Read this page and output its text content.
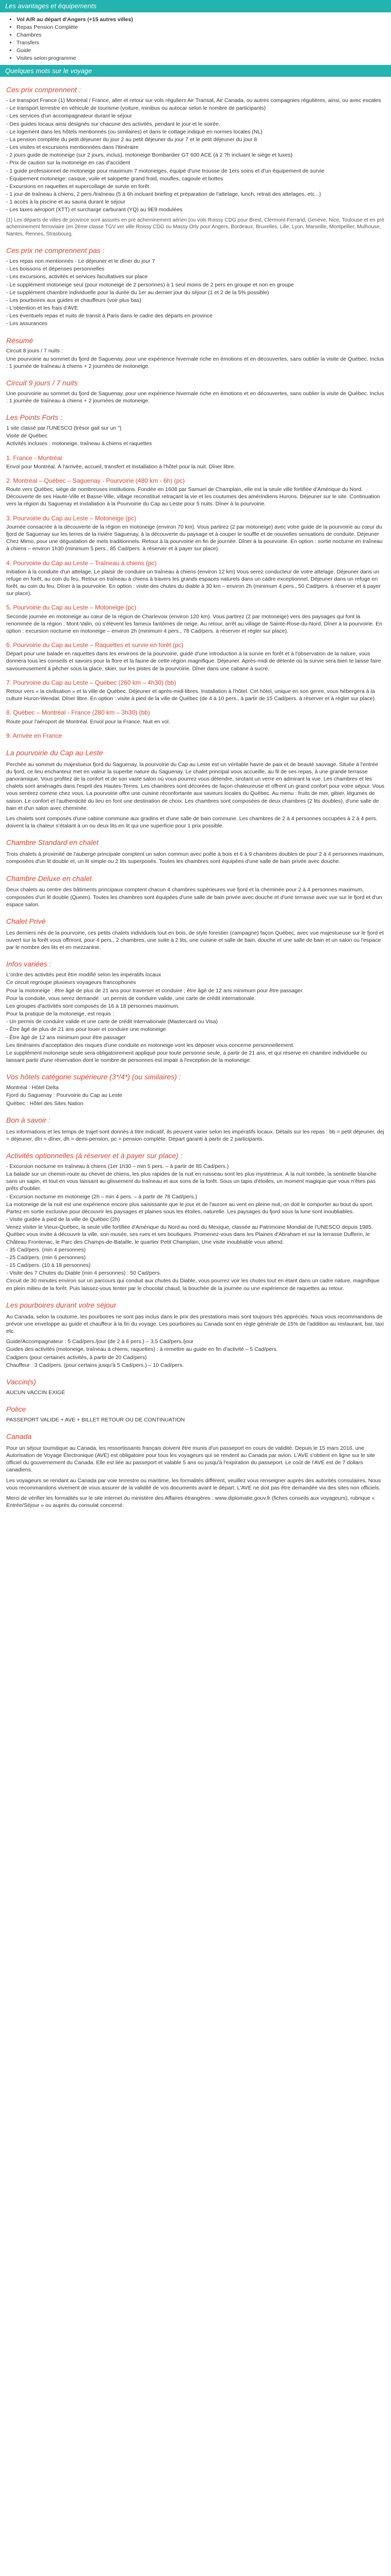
Les avantages et équipements
• Vol A/R au départ d'Angers (+15 autres villes)
• Repas Pension Complète
• Chambres
• Transfers
• Guide
• Visites selon programme
Quelques mots sur le voyage
Ces prix comprennent :
- Le transport France (1) Montréal / France, aller et retour sur vols réguliers Air Transat, Air Canada, ou autres compagnies régulières, ainsi, ou avec escales
- Le transport terrestre en véhicule de tourisme (voiture, minibus ou autocar selon le nombre de participants)
- Les services d'un accompagnateur durant le séjour
- Des guides locaux ainsi désignés sur chacune des activités, pendant le jour et le soirée.
- Le logement dans les hôtels mentionnés (ou similaires) et dans le cottage indiqué en normes locales (NL)
- La pension complète du petit déjeuner du jour 2 au petit déjeuner du jour 7 et le petit déjeuner du jour 8
- Les visites et excursions mentionnées dans l'itinéraire
- 2 jours guide de motoneige (sur 2 jours, inclus), motoneige Bombardier GT 600 ACE (à 2 ?h incluant le siège et luxes)
- Prix de caution sur la motoneige en cas d'accident
- 1 guide professionnel de motoneige pour maximum 7 motoneiges, équipé d'une trousse de 1ers soins et d'un équipement de survie
- Équipement motoneige: casque, voile et salopette grand froid, moufles, cagoule et bottes
- Excursions en raquettes et supercollage de survie en forêt
- 1 jour de traîneau à chiens, 2 pers./traîneau (5 à 6h incluant briefing et préparation de l'attelage, lunch, retrait des attelages, etc...)
- 1 accès à la piscine et au sauna durant le séjour
- Les taxes aéroport (XTT) et surcharge carburant (YQ) au 9E9 modulées
(1) Les départs de villes de province sont assurés en pré acheminement aérien (ou vols Roissy CDG pour Brest, Clermont-Ferrand, Genève, Nice, Toulouse et en pré acheminement ferroviaire (en 2ème classe TGV ver ville Roissy CDG ou Massy Orly pour Angers, Bordeaux, Bruxelles, Lille, Lyon, Marseille, Montpellier, Mulhouse, Nantes, Rennes, Strasbourg.
Ces prix ne comprennent pas :
- Les repas non mentionnés - Le déjeuner et le dîner du jour 7
- Les boissons et dépenses personnelles
- Les excursions, activités et services facultatives sur place
- Le supplément motoneige seul (pour motoneige de 2 personnes) à 1 seul moins de 2 pers en groupe et non en groupe
- Le supplément chambre individuelle pour la durée du 1er au dernier jour du séjour (1 et 2 de la 5% possible)
- Les pourboires aux guides et chauffeurs (voir plus bas)
- L'obtention et les frais d'AVE
- Les éventuels repas et nuits de transit à Paris dans le cadre des départs en province
- Les assurances
Résumé
Circuit 8 jours / 7 nuits :
Une pourvoirie au sommet du fjord de Saguenay, pour une expérience hivernale riche en émotions et en découvertes, sans oublier la visite de Québec. Inclus : 1 journée de traîneau à chiens + 2 journées de motoneige.
Circuit 9 jours / 7 nuits
Une pourvoirie au sommet du fjord de Saguenay, pour une expérience hivernale riche en émotions et en découvertes, sans oublier la visite de Québec. Inclus : 1 journée de traîneau à chiens + 2 journées de motoneige.
Les Points Forts :
1 site classé par l'UNESCO (trésor gait sur un ")
Visite de Québec
Activités incluses : motoneige, traîneau à chiens et raquettes
1. France - Montréal
Envol pour Montréal. À l'arrivée, accueil, transfert et installation à l'hôtel pour la nuit. Dîner libre.
2. Montréal – Québec – Saguenay - Pourvoirie (480 km - 6h) (pc)
Route vers Québec, siège de nombreuses institutions. Fondée en 1608 par Samuel de Champlain, elle est la seule ville fortifiée d'Amérique du Nord. Découverte de ses Haute-Ville et Basse-Ville, village reconstitué retraçant la vie et les coutumes des amérindiens Hurons. Déjeuner sur le site. Continuation vers la région du Saguenay et installation à la Pourvoirie du Cap au Leste pour 5 nuits. Dîner à la pourvoirie.
3. Pourvoirie du Cap au Leste – Motoneige (pc)
Journée consacrée à la découverte de la région en motoneige (environ 70 km). Vous partirez (2 par motoneige) avec votre guide de la pourvoirie au cœur du fjord de Saguenay sur les terres de la rivière Saguenay, à la découverte du paysage et à couper le souffle et de nouvelles sensations de conduite. Déjeuner Chez Mimo, pour une dégustation de mets traditionnels. Retour à la pourvoirie en fin de journée. Dîner à la pourvoirie. En option : sortie nocturne en traîneau à chiens – environ 1h30 (minimum 5 pers., 85 Cad/pers. à réserver et à payer sur place).
4. Pourvoirie du Cap au Leste – Traîneau à chiens (pc)
Initiation à la conduite d'un attelage. Le plaisir de conduire un traîneau à chiens (environ 12 km) Vous serez conducteur de votre attelage. Déjeuner dans un refuge en forêt, au coin du feu. Retour en traîneau à chiens à travers les grands espaces naturels dans un cadre exceptionnel. Déjeuner dans un refuge en forêt, au coin du feu. Dîner à la pourvoirie. En option : visite des chutes du diable à 30 km – environ 2h (minimum 4 pers., 50 Cad/pers. à réserver et à payer sur place).
5. Pourvoirie du Cap au Leste – Motoneige (pc)
Seconde journée en motoneige au cœur de la région de Charlevoix (environ 120 km). Vous partirez (2 par motoneige) vers des paysages qui font la renommée de la région : Mont-Valin, où s'élèvent les fameux fantômes de neige. Au retour, arrêt au village de Sainte-Rose-du-Nord. Dîner à la pourvoirie. En option : excursion nocturne en motoneige – environ 2h (minimum 4 pers., 78 Cad/pers. à réserver et régler sur place).
6. Pourvoirie du Cap au Leste – Raquettes et survie en forêt (pc)
Départ pour une balade en raquettes dans les environs de la pourvoirie, guidé d'une introduction à la survie en forêt et à l'observation de la nature, vous donnera tous les conseils et savoirs pour la flore et la faune de cette région magnifique. Déjeuner. Après-midi de détente où la survie sera bien te laisse faire savoureusement à pêcher sous la glace, skier, sur les pistes de la pourvoirie. Dîner dans une cabane à sucre.
7. Pourvoirie du Cap au Leste – Québec (260 km – 4h30) (bb)
Retour vers « la civilisation » et la ville de Québec. Déjeuner et après-midi libres. Installation à l'hôtel. Cet hôtel, unique en son genre, vous hébergera à la culture Huron-Wendat. Dîner libre. En option : visite à pied de la ville de Québec (de 4 à 10 pers., à partir de 15 Cad/pers. à réserver et à régler sur place).
8. Québec – Montréal - France (280 km – 3h30) (bb)
Route pour l'aéroport de Montréal. Envol pour la France. Nuit en vol.
9. Arrivée en France
La pourvoirie du Cap au Leste
Perchée au sommet du majestueux fjord du Saguenay, la pourvoirie du Cap au Leste est un véritable havre de paix et de beauté sauvage. Située à l'entrée du fjord, ce lieu enchanteur met en valeur la superbe nature du Saguenay. Le chalet principal vous accueille, au fil de ses repas, à une grande terrasse panoramique. Vous profitez de la confort et de son vaste salon où vous pourrez vous détendre, sirotant un verre en admirant la vue. Les chambres et les chalets sont aménagés dans l'esprit des Hautes-Terres. Les chambres sont décorées de façon chaleureuse et offrent un grand confort pour votre séjour. Vous vous sentirez comme chez vous. La pourvoirie offre une cuisine réconfortante aux saveurs locales du Québec. Au menu : fruits de mer, gibier, légumes de saison. Le confort et l'authenticité du lieu en font une destination de choix. Les chambres sont composées de deux chambres (2 lits doubles), d'une salle de bain et d'un salon avec cheminée.
Les chalets sont composés d'une cabine commune aux gradins et d'une salle de bain commune. Les chambres de 2 à 4 personnes occupées à 2 à 4 pers. doivent la la chaleur s'étalant à un ou deux lits en lit qui une superficie pour 1 prix possible.
Chambre Standard en chalet
Trois chalets à proximité de l'auberge principale comptent un salon commun avec poêle à bois et 6 à 9 chambres doubles de pour 2 à 4 personnes maximum, composées d'un lit double et, un lit simple ou 2 lits superposés. Toutes les chambres sont équipées d'une salle de bain privée avec douche.
Chambre Deluxe en chalet
Deux chalets au centre des bâtiments principaux comptent chacun 4 chambres supérieures vue fjord et la cheminée pour 2 à 4 personnes maximum, composées d'un lit double (Queen). Toutes les chambres sont équipées d'une salle de bain privée avec douche et d'une terrasse avec vue sur le fjord et d'un espace salon.
Chalet Privé
Les derniers nés de la pourvoirie, ces petits chalets individuels tout en bois, de style forestier (campagne) façon Québec, avec vue majestueuse sur le fjord et ouvert sur la forêt vous offriront, pour 4 pers., 2 chambres, une suite à 2 lits, une cuisine et salle de bain, douche et une salle de bain et un salon ou l'espace par le nombre des lits et en mezzanine.
Infos variées :
L'ordre des activités peut être modifié selon les impératifs locaux
Ce circuit regroupe plusieurs voyageurs francophones
Pour la motoneige : être âgé de plus de 21 ans pour traverser et conduire ; être âgé de 12 ans minimum pour être passager.
Pour la conduite, vous serez demandé : un permis de conduire valide, une carte de crédit internationale.
Les groupes d'activités sont composés de 16 à 18 personnes maximum.
Pour la pratique de la motoneige, est requis :
- Un permis de conduire valide et une carte de crédit internationale (Mastercard ou Visa)
- Être âgé de plus de 21 ans pour louer et conduire une motoneige
- Être âgé de 12 ans minimum pour être passager
Les itinéraires d'acceptation des risques d'une conduite en motoneige vont les déposer vous concerne personnellement.
Le supplément motoneige seule sera obligatoirement appliqué pour toute personne seule, à partir de 21 ans, et qui réserve en chambre individuelle ou laissant partir d'une réservation dont le nombre de personnes est impair à l'exception de la motoneige.
Vos hôtels catégorie supérieure (3*/4*) (ou similaires) :
Montréal : Hôtel Delta
Fjord du Saguenay : Pourvoirie du Cap au Leste
Québec : Hôtel des Sites Nation
Bon à savoir :
Les informations et les temps de trajet sont donnés à titre indicatif, ils peuvent varier selon les impératifs locaux. Détails sur les repas : bb = petit déjeuner, dej = déjeuner, dîn = dîner, dh = demi-pension, pc = pension complète. Départ garanti à partir de 2 participants.
Activités optionnelles (à réserver et à payer sur place) :
- Excursion nocturne en traîneau à chiens (1er 1h30 – min 5 pers. – à partir de 85 Cad/pers.)
La balade sur un chemin-route au chevet de chiens, les plus rapides de la nuit en ruisseau sont les plus mystérieux. À la nuit tombée, la sentinelle blanche sans un sapin, et tout en vous laissant au glissement du traîneau et aux sons de la forêt. Sous un tapis d'étoiles, un moment magique que vous n'êtes pas prêts d'oublier.
- Excursion nocturne en motoneige (2h – min 4 pers. – à partir de 78 Cad/pers.)
La motoneige de la nuit est une expérience encore plus saisissante que le jour et de l'aurore au vent en pleine nuit, on doit le comporter au bout du sport. Partez en sortie exclusive pour découvrir les paysages et plaines sous les étoiles, naturelle. Les paysages du fjord sous la lune sont inoubliables.
- Visite guidée à pied de la ville de Québec (2h)
Venez visiter le Vieux-Québec, la seule ville fortifiée d'Amérique du Nord au nord du Mexique, classée au Patrimoine Mondial de l'UNESCO depuis 1985. Québec vous invite à découvrir la ville, son musée, ses rues et ses boutiques. Promenez-vous dans les Plaines d'Abraham et sur la terrasse Dufferin, le Château Frontenac, le Parc des Champs-de-Bataille, le quartier Petit Champlain, Une visite inoubliable vous attend.
- 35 Cad/pers. (min 4 personnes)
- 25 Cad/pers. (min 6 personnes)
- 15 Cad/pers. (10 à 18 personnes)
- Visite des 7 Chutes du Diable (min 4 personnes) : 50 Cad/pers.
Circuit de 30 minutes environ sur un parcours qui conduit aux chutes du Diable, vous pourrez voir les chutes tout en étant dans un cadre nature, magnifique en plein milieu de la forêt. Puis laissez-vous tenter par le chocolat chaud, la bouchée de la journée ou une expérience de raquettes au retour.
Les pourboires durant votre séjour
Au Canada, selon la coutume, les pourboires ne sont pas inclus dans le prix des prestations mais sont toujours très appréciés. Nous vous recommandons de prévoir une enveloppe au guide et chauffeur à la fin du voyage. Les pourboires au Canada sont en règle générale de 15% de l'addition au restaurant, bar, taxi etc.
Guide/Accompagnateur : 5 Cad/pers./jour (de 2 à 6 pers.) – 3,5 Cad/pers./jour
Guides des activités (motoneige, traîneau à chiens, raquettes) : à remettre au guide en fin d'activité – 5 Cad/pers.
Cadjpers (pour certaines activités, à partir de 20 Cad/pers)
Chauffeur : 3 Cad/pers. (pour certains jusqu'à 5 Cad/pers.) – 10 Cad/pers.
Vaccin(s)
AUCUN VACCIN EXIGÉ
Police
PASSEPORT VALIDE + AVE + BILLET RETOUR OU DE CONTINUATION
Canada
Pour un séjour touristique au Canada, les ressortissants français doivent être munis d'un passeport en cours de validité. Depuis le 15 mars 2016, une Autorisation de Voyage Électronique (AVE) est obligatoire pour tous les voyageurs qui se rendent au Canada par avion. L'AVE s'obtient en ligne sur le site officiel du gouvernement du Canada. Elle est liée au passeport et valable 5 ans ou jusqu'à l'expiration du passeport. Le coût de l'AVE est de 7 dollars canadiens.
Les voyageurs se rendant au Canada par voie terrestre ou maritime, les formalités diffèrent, veuillez vous renseigner auprès des autorités consulaires. Nous vous recommandons vivement de vous assurer de la validité de vos documents avant le départ. L'AVE ne doit pas être demandée via des sites non officiels.
Merci de vérifier les formalités sur le site internet du ministère des Affaires étrangères : www.diplomatie.gouv.fr (fiches conseils aux voyageurs), rubrique « Entrée/Séjour » ou auprès du consulat concerné.
